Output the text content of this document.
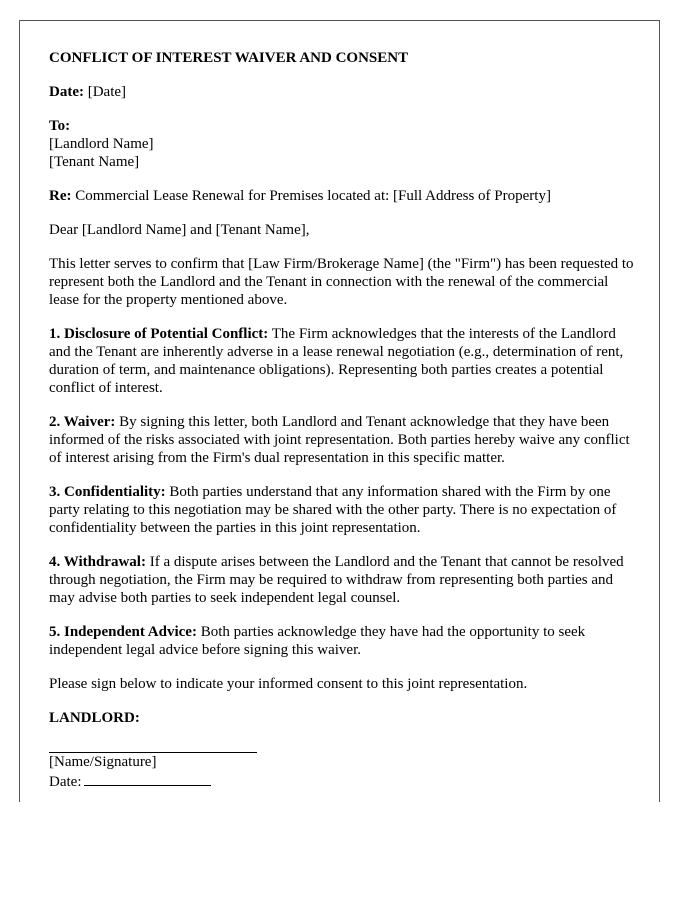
CONFLICT OF INTEREST WAIVER AND CONSENT

Date: [Date]

To:

[Landlord Name]

[Tenant Name]

Re: Commercial Lease Renewal for Premises located at: [Full Address of Property]

Dear [Landlord Name] and [Tenant Name],

This letter serves to confirm that [Law Firm/Brokerage Name] (the "Firm") has been requested to represent both the Landlord and the Tenant in connection with the renewal of the commercial lease for the property mentioned above.

1. Disclosure of Potential Conflict: The Firm acknowledges that the interests of the Landlord and the Tenant are inherently adverse in a lease renewal negotiation (e.g., determination of rent, duration of term, and maintenance obligations). Representing both parties creates a potential conflict of interest.

2. Waiver: By signing this letter, both Landlord and Tenant acknowledge that they have been informed of the risks associated with joint representation. Both parties hereby waive any conflict of interest arising from the Firm's dual representation in this specific matter.

3. Confidentiality: Both parties understand that any information shared with the Firm by one party relating to this negotiation may be shared with the other party. There is no expectation of confidentiality between the parties in this joint representation.

4. Withdrawal: If a dispute arises between the Landlord and the Tenant that cannot be resolved through negotiation, the Firm may be required to withdraw from representing both parties and may advise both parties to seek independent legal counsel.

5. Independent Advice: Both parties acknowledge they have had the opportunity to seek independent legal advice before signing this waiver.

Please sign below to indicate your informed consent to this joint representation.

LANDLORD:

[Name/Signature]

Date:
